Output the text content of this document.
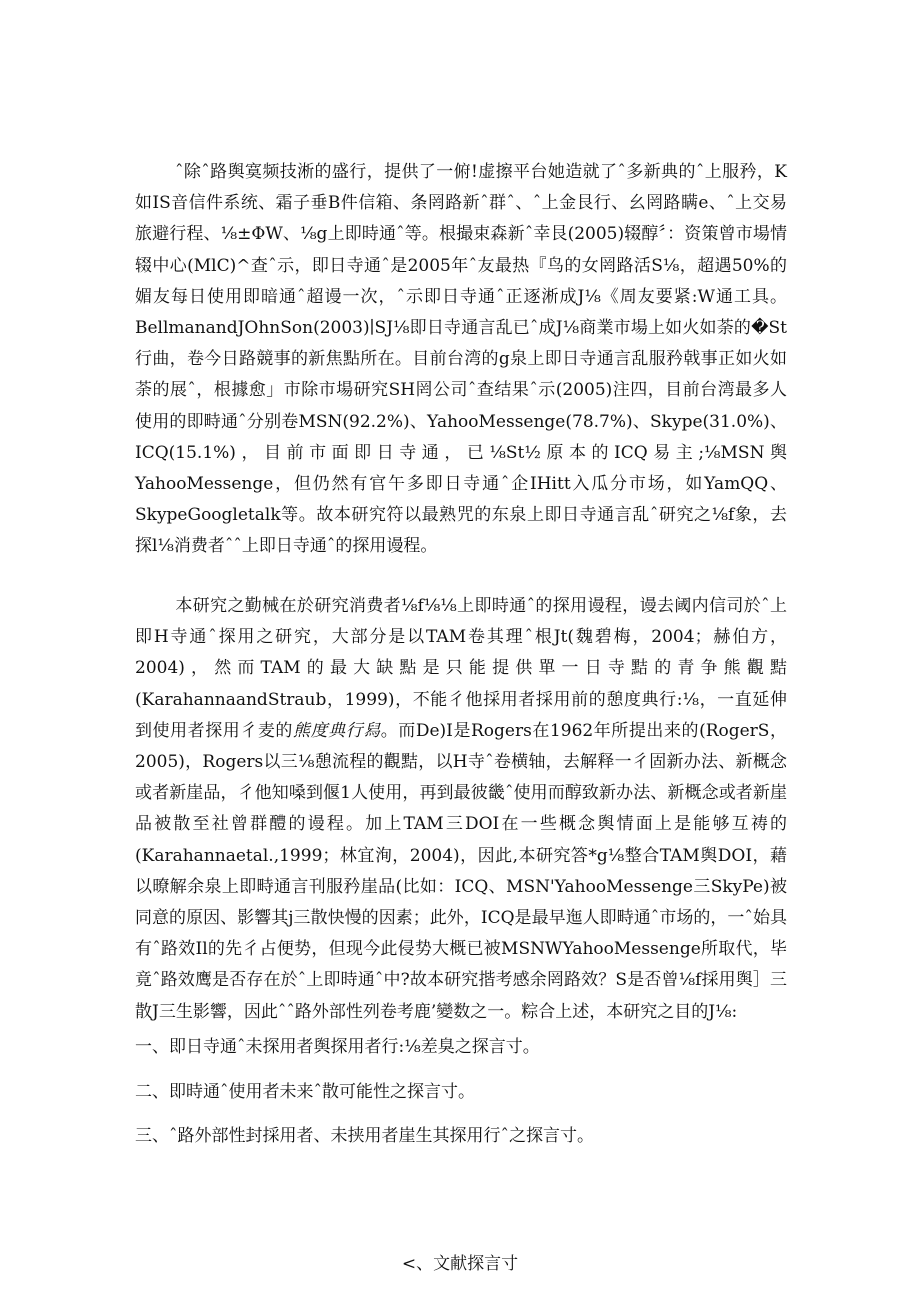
ˆ除ˆ路舆寞频技淅的盛行，提供了一俯!虚擦平台她造就了ˆ多新典的ˆ上服矜，K如IS音信件系统、霜子垂B件信箱、条罔路新ˆ群ˆ、ˆ上金艮行、幺罔路瞒e、ˆ上交易旅避行程、⅛±ΦW、⅛g上即時通ˆ等。根撮束森新ˆ幸艮(2005)辍醇〞：资策曾市場情辍中心(MlC)^查ˆ示，即日寺通ˆ是2005年ˆ友最热『鸟的女罔路活S⅛，超遇50%的媚友每日使用即暗通ˆ超谩一次，ˆ示即日寺通ˆ正逐淅成J⅛《周友要紧:W通工具。BellmanandJOhnSon(2003)∣SJ⅛即日寺通言乱已ˆ成J⅛商業市場上如火如荼的�St行曲，卷今日路競事的新焦點所在。目前台湾的g泉上即日寺通言乱服矜戟事正如火如荼的展ˆ，根據愈」市除市場研究SH罔公司ˆ查结果ˆ示(2005)注四，目前台湾最多人使用的即畤通ˆ分别卷MSN(92.2%)、YahooMessenge(78.7%)、Skype(31.0%)、ICQ(15.1%)，目前市面即日寺通，已⅛St½原本的ICQ易主;⅛MSN舆YahooMessenge，但仍然有官午多即日寺通ˆ企IHitt入瓜分市场，如YamQQ、SkypeGoogletalk等。故本研究符以最熟咒的东泉上即日寺通言乱ˆ研究之⅛f象，去探l⅛消费者ˆˆ上即日寺通ˆ的探用谩程。

本研究之勤械在於研究消费者⅛f⅛⅛上即時通ˆ的探用谩程，谩去阈内信司於ˆ上即H寺通ˆ探用之研究，大部分是以TAM卷其理ˆ根Jt(魏碧梅，2004；赫伯方，2004)，然而TAM的最大缺點是只能提供單一日寺黠的青争熊觀黠(KarahannaandStraub，1999)，不能彳他採用者採用前的憩度典行:⅛，一直延伸到使用者探用彳麦的熊度典行舄。而De)I是Rogers在1962年所提出来的(RogerS，2005)，Rogers以三⅛憩流程的觀黠，以H寺ˆ卷横轴，去解释一彳固新办法、新概念或者新崖品，彳他知嗓到偃1人使用，再到最彼畿ˆ使用而醇致新办法、新概念或者新崖品被散至社曾群醴的谩程。加上TAM三DOI在一些概念舆情面上是能够互祷的(Karahannaetal.,1999；林宜洵，2004)，因此,本研究答*g⅛整合TAM舆DOI，藉以暸解余泉上即畤通言刊服矜崖品(比如：ICQ、MSN'YahooMessenge三SkyPe)被同意的原因、影響其j三散快慢的因素；此外，ICQ是最早迤人即畤通ˆ市场的，一ˆ始具有ˆ路效Il的先彳占便势，但现今此侵势大概已被MSNWYahooMessenge所取代，毕竟ˆ路效鹰是否存在於ˆ上即時通ˆ中?故本研究揩考感余罔路效？S是否曾⅛f採用舆］三散J三生影響，因此ˆˆ路外部性列卷考鹿’變数之一。粽合上述，本研究之目的J⅛:

一、即日寺通ˆ未探用者舆探用者行:⅛差臭之探言寸。

二、即時通ˆ使用者未来ˆ散可能性之探言寸。

三、ˆ路外部性封採用者、未挟用者崖生其探用行ˆ之探言寸。

<、文献探言寸
